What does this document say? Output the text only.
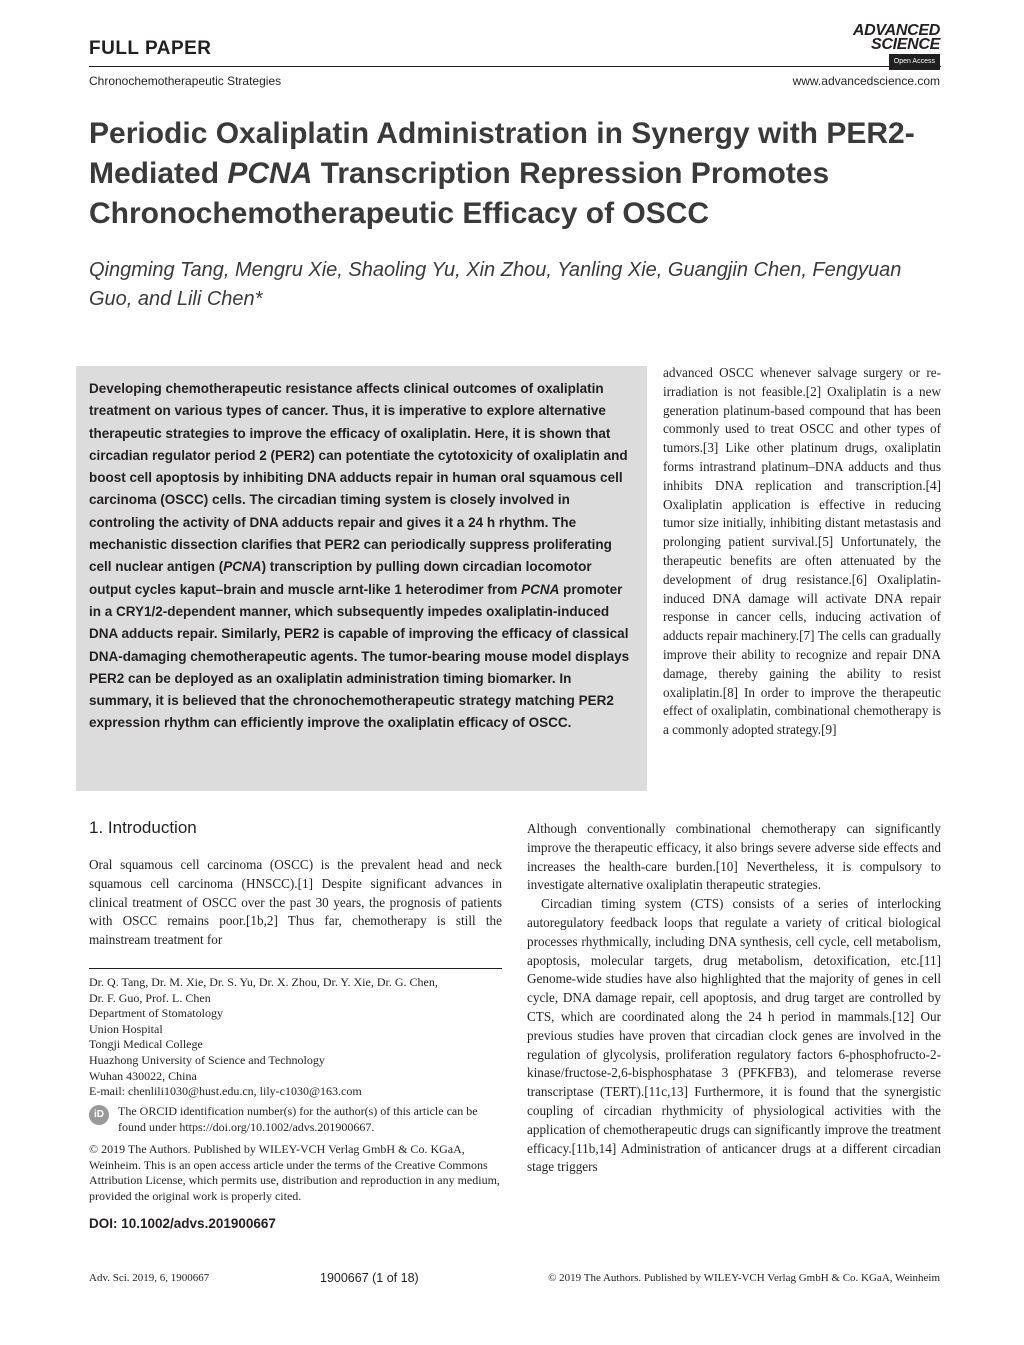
FULL PAPER
ADVANCED
SCIENCE
Open Access
Chronochemotherapeutic Strategies	www.advancedscience.com
Periodic Oxaliplatin Administration in Synergy with PER2-Mediated PCNA Transcription Repression Promotes Chronochemotherapeutic Efficacy of OSCC
Qingming Tang, Mengru Xie, Shaoling Yu, Xin Zhou, Yanling Xie, Guangjin Chen, Fengyuan Guo, and Lili Chen*
Developing chemotherapeutic resistance affects clinical outcomes of oxaliplatin treatment on various types of cancer. Thus, it is imperative to explore alternative therapeutic strategies to improve the efficacy of oxaliplatin. Here, it is shown that circadian regulator period 2 (PER2) can potentiate the cytotoxicity of oxaliplatin and boost cell apoptosis by inhibiting DNA adducts repair in human oral squamous cell carcinoma (OSCC) cells. The circadian timing system is closely involved in controling the activity of DNA adducts repair and gives it a 24 h rhythm. The mechanistic dissection clarifies that PER2 can periodically suppress proliferating cell nuclear antigen (PCNA) transcription by pulling down circadian locomotor output cycles kaput–brain and muscle arnt-like 1 heterodimer from PCNA promoter in a CRY1/2-dependent manner, which subsequently impedes oxaliplatin-induced DNA adducts repair. Similarly, PER2 is capable of improving the efficacy of classical DNA-damaging chemotherapeutic agents. The tumor-bearing mouse model displays PER2 can be deployed as an oxaliplatin administration timing biomarker. In summary, it is believed that the chronochemotherapeutic strategy matching PER2 expression rhythm can efficiently improve the oxaliplatin efficacy of OSCC.
advanced OSCC whenever salvage surgery or re-irradiation is not feasible.[2] Oxaliplatin is a new generation platinum-based compound that has been commonly used to treat OSCC and other types of tumors.[3] Like other platinum drugs, oxaliplatin forms intrastrand platinum–DNA adducts and thus inhibits DNA replication and transcription.[4] Oxaliplatin application is effective in reducing tumor size initially, inhibiting distant metastasis and prolonging patient survival.[5] Unfortunately, the therapeutic benefits are often attenuated by the development of drug resistance.[6] Oxaliplatin-induced DNA damage will activate DNA repair response in cancer cells, inducing activation of adducts repair machinery.[7] The cells can gradually improve their ability to recognize and repair DNA damage, thereby gaining the ability to resist oxaliplatin.[8] In order to improve the therapeutic effect of oxaliplatin, combinational chemotherapy is a commonly adopted strategy.[9]
1. Introduction
Oral squamous cell carcinoma (OSCC) is the prevalent head and neck squamous cell carcinoma (HNSCC).[1] Despite significant advances in clinical treatment of OSCC over the past 30 years, the prognosis of patients with OSCC remains poor.[1b,2] Thus far, chemotherapy is still the mainstream treatment for

Although conventionally combinational chemotherapy can significantly improve the therapeutic efficacy, it also brings severe adverse side effects and increases the health-care burden.[10] Nevertheless, it is compulsory to investigate alternative oxaliplatin therapeutic strategies.

Circadian timing system (CTS) consists of a series of interlocking autoregulatory feedback loops that regulate a variety of critical biological processes rhythmically, including DNA synthesis, cell cycle, cell metabolism, apoptosis, molecular targets, drug metabolism, detoxification, etc.[11] Genome-wide studies have also highlighted that the majority of genes in cell cycle, DNA damage repair, cell apoptosis, and drug target are controlled by CTS, which are coordinated along the 24 h period in mammals.[12] Our previous studies have proven that circadian clock genes are involved in the regulation of glycolysis, proliferation regulatory factors 6-phosphofructo-2-kinase/fructose-2,6-bisphosphatase 3 (PFKFB3), and telomerase reverse transcriptase (TERT).[11c,13] Furthermore, it is found that the synergistic coupling of circadian rhythmicity of physiological activities with the application of chemotherapeutic drugs can significantly improve the treatment efficacy.[11b,14] Administration of anticancer drugs at a different circadian stage triggers

Dr. Q. Tang, Dr. M. Xie, Dr. S. Yu, Dr. X. Zhou, Dr. Y. Xie, Dr. G. Chen,
Dr. F. Guo, Prof. L. Chen
Department of Stomatology
Union Hospital
Tongji Medical College
Huazhong University of Science and Technology
Wuhan 430022, China
E-mail: chenlili1030@hust.edu.cn, lily-c1030@163.com
iD	The ORCID identification number(s) for the author(s) of this article can be found under https://doi.org/10.1002/advs.201900667.
© 2019 The Authors. Published by WILEY-VCH Verlag GmbH & Co. KGaA, Weinheim. This is an open access article under the terms of the Creative Commons Attribution License, which permits use, distribution and reproduction in any medium, provided the original work is properly cited.
DOI: 10.1002/advs.201900667
Adv. Sci. 2019, 6, 1900667	1900667 (1 of 18)	© 2019 The Authors. Published by WILEY-VCH Verlag GmbH & Co. KGaA, Weinheim
